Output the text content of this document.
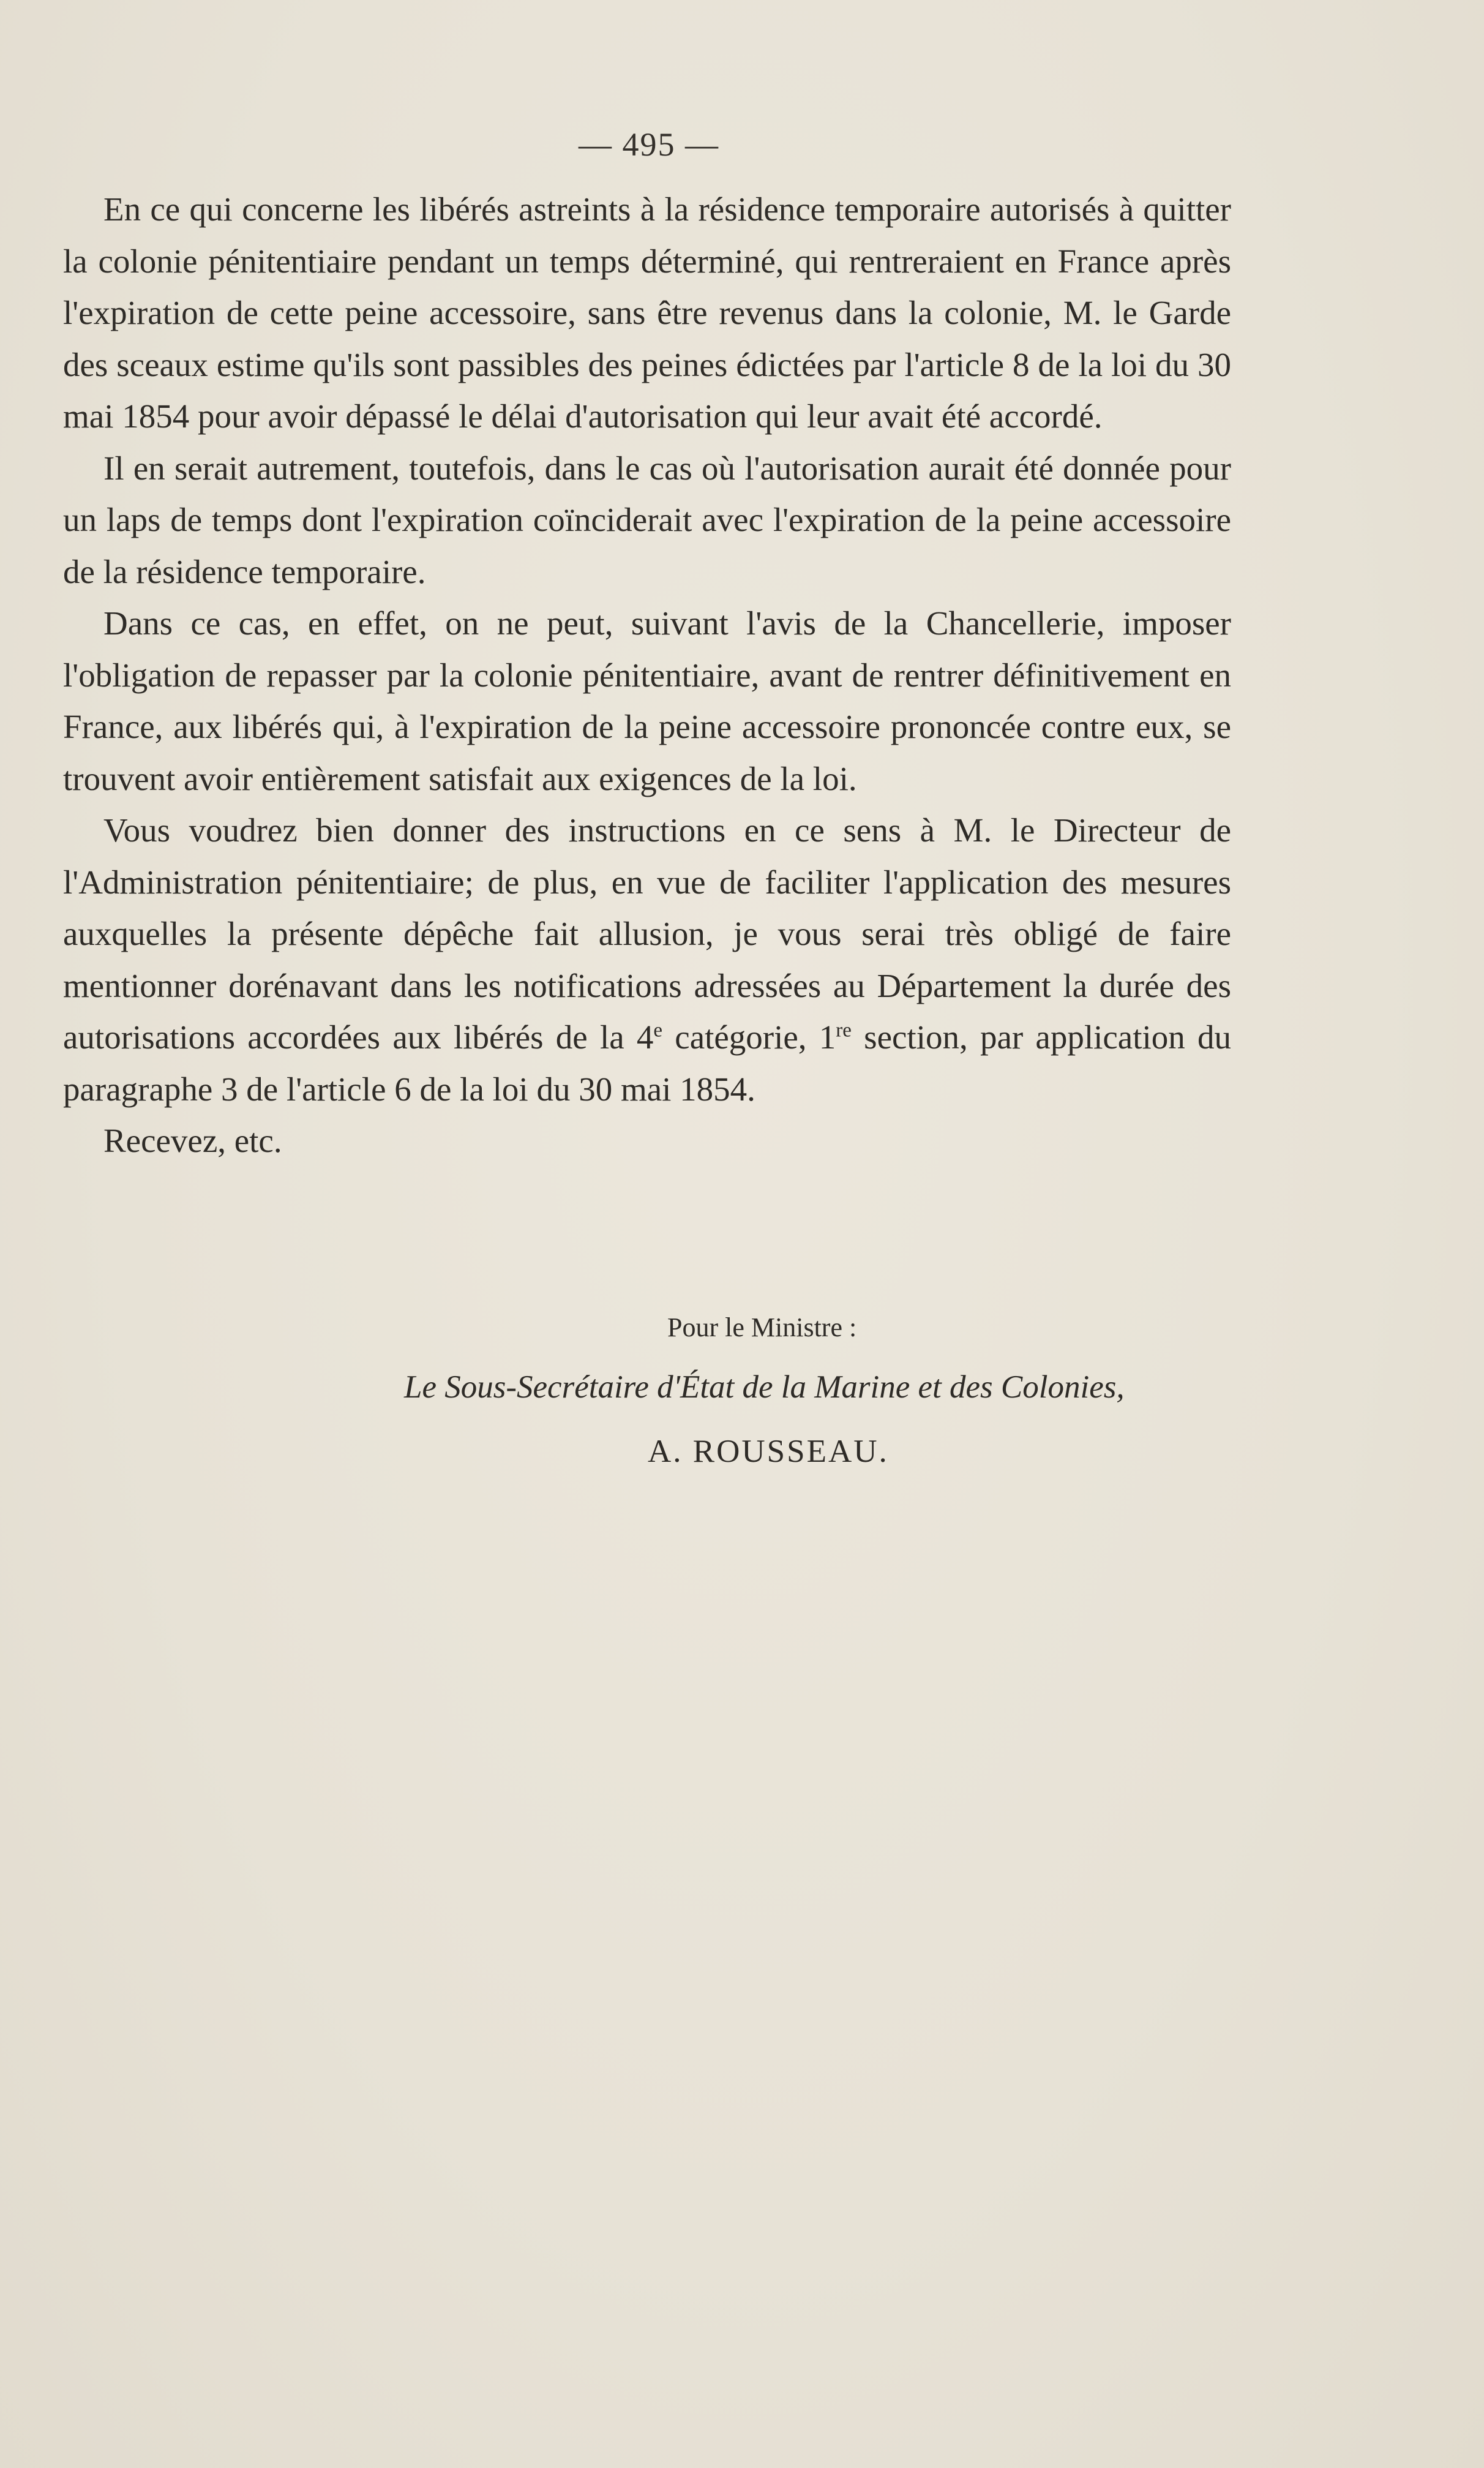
— 495 —

En ce qui concerne les libérés astreints à la résidence temporaire autorisés à quitter la colonie pénitentiaire pendant un temps déterminé, qui rentreraient en France après l'expiration de cette peine accessoire, sans être revenus dans la colonie, M. le Garde des sceaux estime qu'ils sont passibles des peines édictées par l'article 8 de la loi du 30 mai 1854 pour avoir dépassé le délai d'autorisation qui leur avait été accordé.

Il en serait autrement, toutefois, dans le cas où l'autorisation aurait été donnée pour un laps de temps dont l'expiration coïnciderait avec l'expiration de la peine accessoire de la résidence temporaire.

Dans ce cas, en effet, on ne peut, suivant l'avis de la Chancellerie, imposer l'obligation de repasser par la colonie pénitentiaire, avant de rentrer définitivement en France, aux libérés qui, à l'expiration de la peine accessoire prononcée contre eux, se trouvent avoir entièrement satisfait aux exigences de la loi.

Vous voudrez bien donner des instructions en ce sens à M. le Directeur de l'Administration pénitentiaire; de plus, en vue de faciliter l'application des mesures auxquelles la présente dépêche fait allusion, je vous serai très obligé de faire mentionner dorénavant dans les notifications adressées au Département la durée des autorisations accordées aux libérés de la 4e catégorie, 1re section, par application du paragraphe 3 de l'article 6 de la loi du 30 mai 1854.

Recevez, etc.

Pour le Ministre :
Le Sous-Secrétaire d'État de la Marine et des Colonies,
A. ROUSSEAU.
